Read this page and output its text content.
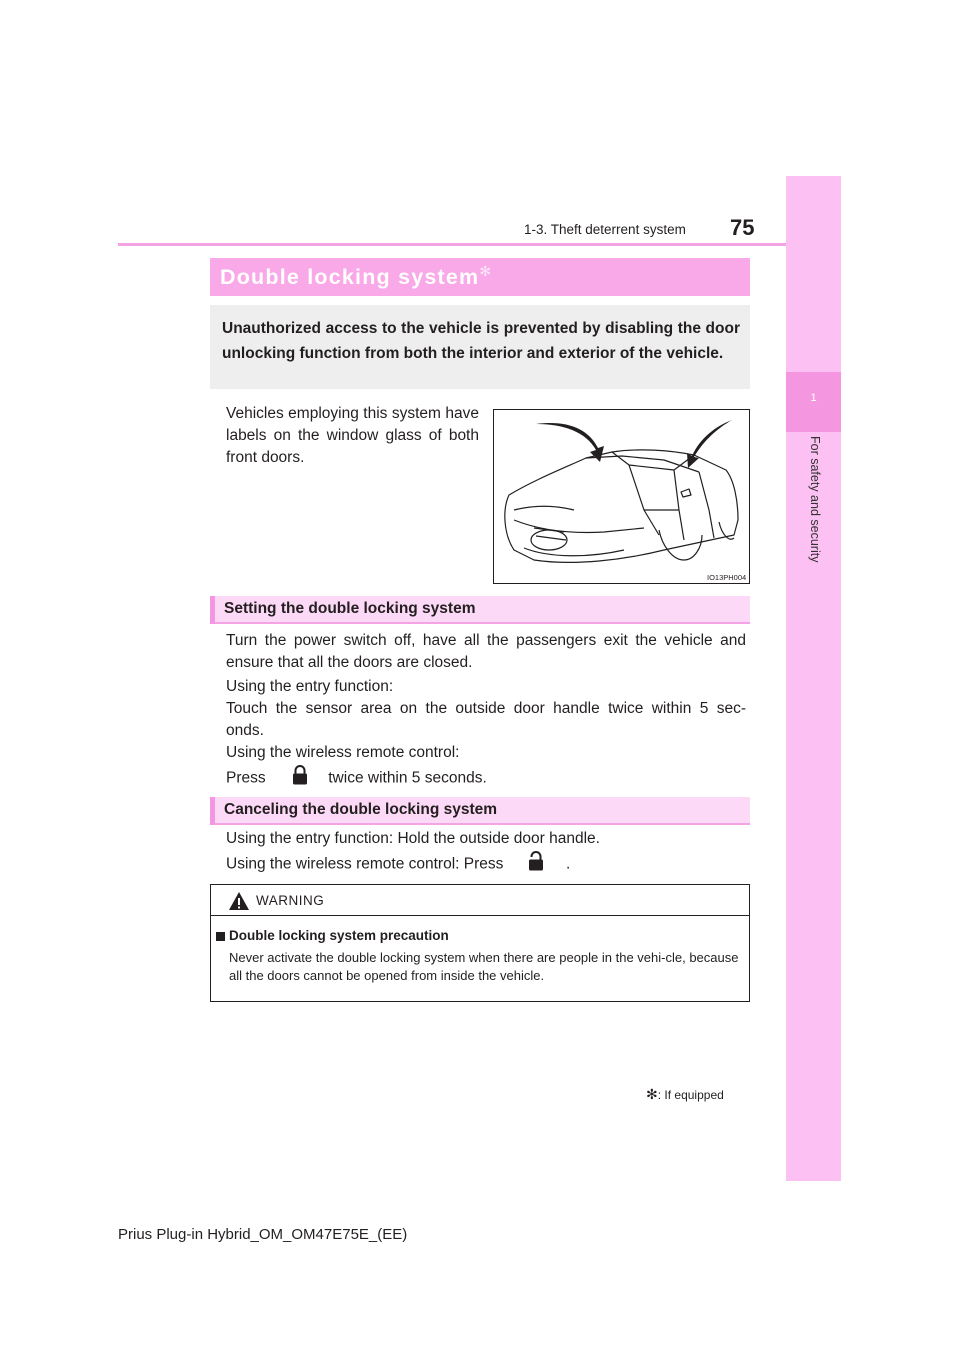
75
1-3. Theft deterrent system
1
For safety and security
Double locking system✻
Unauthorized access to the vehicle is prevented by disabling the door unlocking function from both the interior and exterior of the vehicle.
Vehicles employing this system have labels on the window glass of both front doors.
IO13PH004
Setting the double locking system
Turn the power switch off, have all the passengers exit the vehicle and ensure that all the doors are closed.
Using the entry function:
Touch the sensor area on the outside door handle twice within 5 sec-
onds.
Using the wireless remote control:
Press	twice within 5 seconds.
Canceling the double locking system
Using the entry function: Hold the outside door handle.
Using the wireless remote control: Press	.
WARNING
Double locking system precaution
Never activate the double locking system when there are people in the vehi-cle, because all the doors cannot be opened from inside the vehicle.
✻: If equipped
Prius Plug-in Hybrid_OM_OM47E75E_(EE)
